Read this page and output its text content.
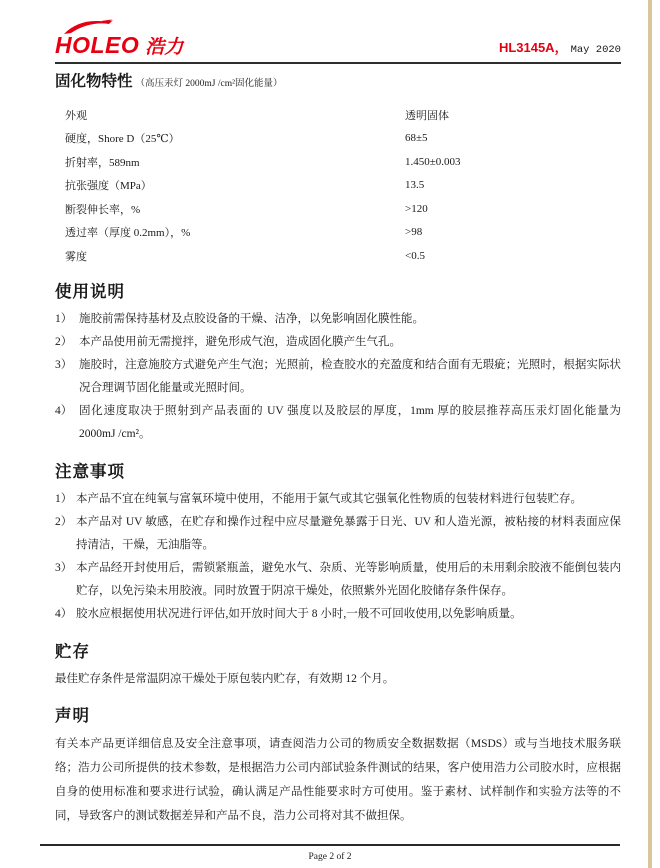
HOLEO 浩力	HL3145A， May 2020
固化物特性 （高压汞灯 2000mJ /cm²固化能量）
外观	透明固体
硬度，Shore D（25℃）	68±5
折射率，589nm	1.450±0.003
抗张强度（MPa）	13.5
断裂伸长率，%	>120
透过率（厚度 0.2mm），%	>98
雾度	<0.5
使用说明
1） 施胶前需保持基材及点胶设备的干燥、洁净，以免影响固化膜性能。
2） 本产品使用前无需搅拌，避免形成气泡，造成固化膜产生气孔。
3） 施胶时，注意施胶方式避免产生气泡；光照前，检查胶水的充盈度和结合面有无瑕疵；光照时，根据实际状况合理调节固化能量或光照时间。
4） 固化速度取决于照射到产品表面的 UV 强度以及胶层的厚度，1mm 厚的胶层推荐高压汞灯固化能量为 2000mJ /cm²。
注意事项
1） 本产品不宜在纯氧与富氧环境中使用，不能用于氯气或其它强氧化性物质的包装材料进行包装贮存。
2） 本产品对 UV 敏感，在贮存和操作过程中应尽量避免暴露于日光、UV 和人造光源，被粘接的材料表面应保持清洁，干燥，无油脂等。
3） 本产品经开封使用后，需锁紧瓶盖，避免水气、杂质、光等影响质量，使用后的未用剩余胶液不能倒包装内贮存，以免污染未用胶液。同时放置于阴凉干燥处，依照紫外光固化胶储存条件保存。
4） 胶水应根据使用状况进行评估,如开放时间大于 8 小时,一般不可回收使用,以免影响质量。
贮存
最佳贮存条件是常温阴凉干燥处于原包装内贮存，有效期 12 个月。
声明
有关本产品更详细信息及安全注意事项，请查阅浩力公司的物质安全数据数据（MSDS）或与当地技术服务联络；浩力公司所提供的技术参数，是根据浩力公司内部试验条件测试的结果，客户使用浩力公司胶水时，应根据自身的使用标准和要求进行试验，确认满足产品性能要求时方可使用。鉴于素材、试样制作和实验方法等的不同，导致客户的测试数据差异和产品不良，浩力公司将对其不做担保。
Page 2 of 2
